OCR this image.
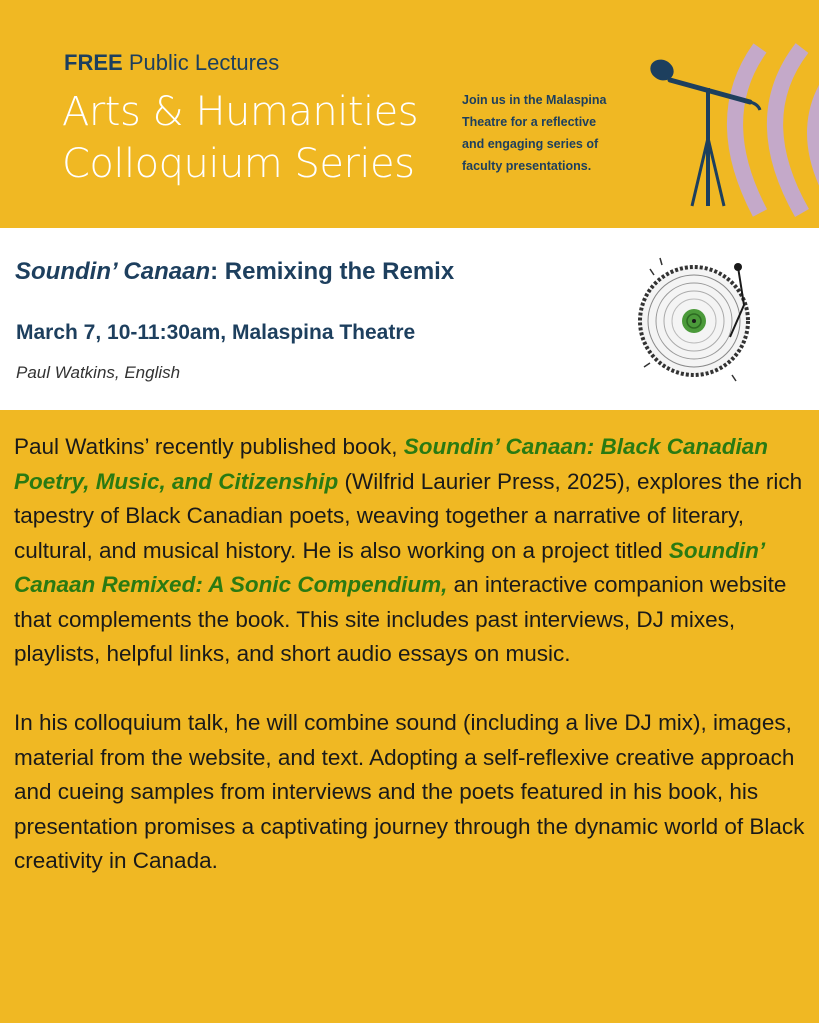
FREE Public Lectures
Arts & Humanities
Colloquium Series
Join us in the Malaspina
Theatre for a reflective
and engaging series of
faculty presentations.
Soundin’ Canaan: Remixing the Remix
March 7, 10-11:30am, Malaspina Theatre
Paul Watkins, English

Paul Watkins’ recently published book, Soundin’ Canaan: Black Canadian Poetry, Music, and Citizenship (Wilfrid Laurier Press, 2025), explores the rich tapestry of Black Canadian poets, weaving together a narrative of literary, cultural, and musical history. He is also working on a project titled Soundin’ Canaan Remixed: A Sonic Compendium, an interactive companion website that complements the book. This site includes past interviews, DJ mixes, playlists, helpful links, and short audio essays on music.

In his colloquium talk, he will combine sound (including a live DJ mix), images, material from the website, and text. Adopting a self-reflexive creative approach and cueing samples from interviews and the poets featured in his book, his presentation promises a captivating journey through the dynamic world of Black creativity in Canada.
